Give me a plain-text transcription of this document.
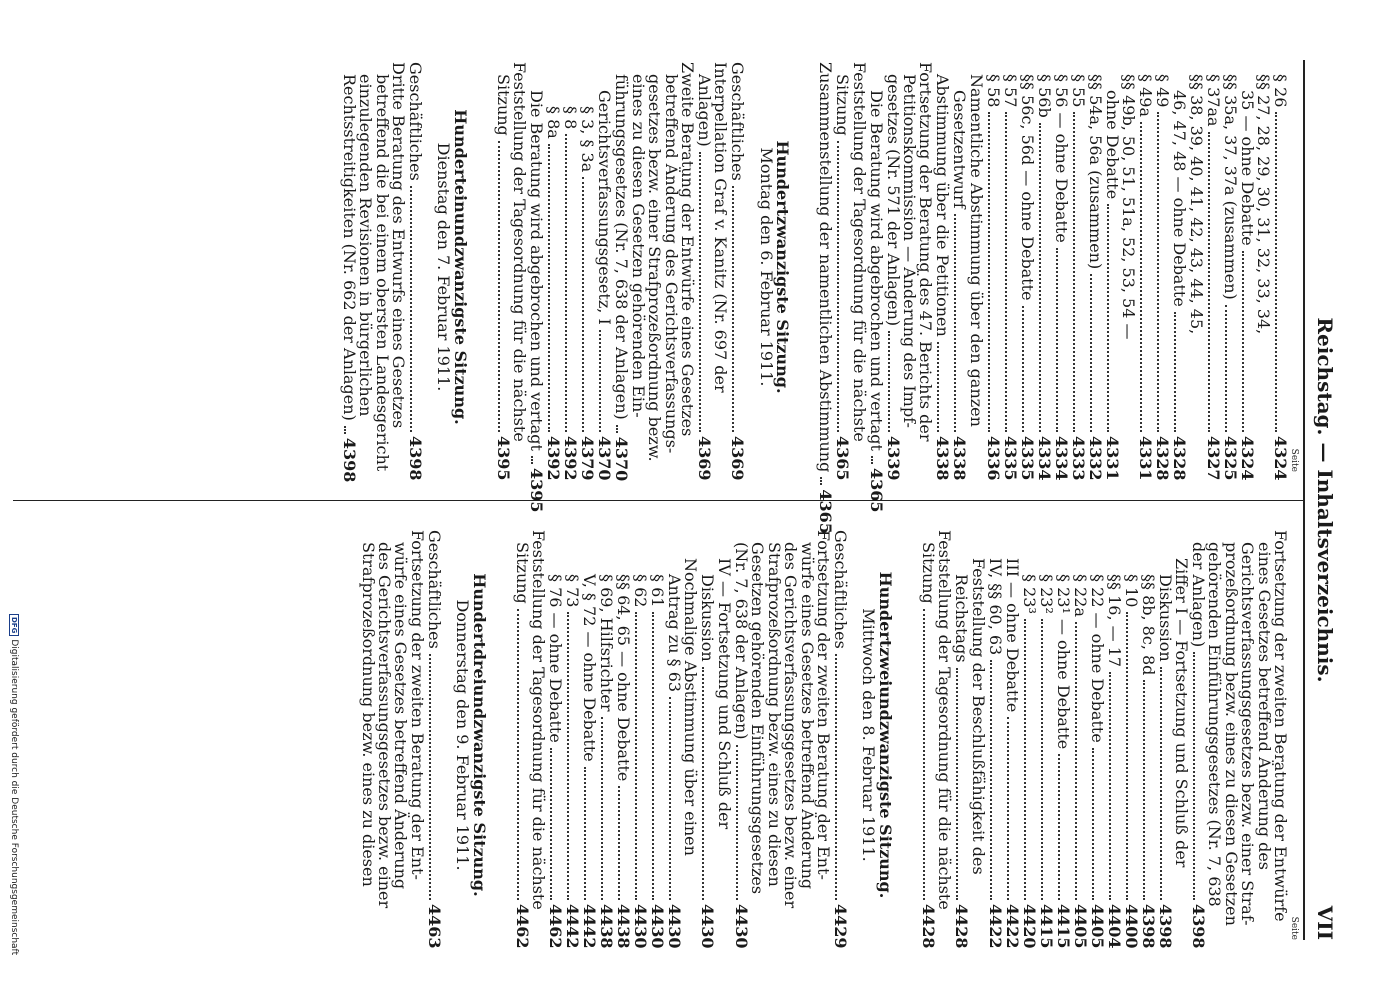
Reichstag. — Inhaltsverzeichnis.
VII
Seite
§ 26
4324
§§ 27, 28, 29, 30, 31, 32, 33, 34,
35 — ohne Debatte
4324
§§ 35a, 37, 37a (zusammen)
4325
§ 37aa
4327
§§ 38, 39, 40, 41, 42, 43, 44, 45,
46, 47, 48 — ohne Debatte
4328
§ 49
4328
§ 49a
4331
§§ 49b, 50, 51, 51a, 52, 53, 54 —
ohne Debatte
4331
§§ 54a, 56a (zusammen)
4332
§ 55
4333
§ 56 — ohne Debatte
4334
§ 56b
4334
§§ 56c, 56d — ohne Debatte
4335
§ 57
4335
§ 58
4336
Namentliche Abstimmung über den ganzen
Gesetzentwurf
4338
Abstimmung über die Petitionen
4338
Fortsetzung der Beratung des 47. Berichts der
Petitionskommission — Änderung des Impf-
gesetzes (Nr. 571 der Anlagen)
4339
Die Beratung wird abgebrochen und vertagt
4365
Feststellung der Tagesordnung für die nächste
Sitzung
4365
Zusammenstellung der namentlichen Abstimmung
4365
Hundertzwanzigste Sitzung.
Montag den 6. Februar 1911.
Geschäftliches
4369
Interpellation Graf v. Kanitz (Nr. 697 der
Anlagen)
4369
Zweite Beratung der Entwürfe eines Gesetzes
betreffend Änderung des Gerichtsverfassungs-
gesetzes bezw. einer Strafprozeßordnung bezw.
eines zu diesen Gesetzen gehörenden Ein-
führungsgesetzes (Nr. 7, 638 der Anlagen)
4370
Gerichtsverfassungsgesetz, I
4370
§ 3, § 3a
4379
§ 8
4392
§ 8a
4392
Die Beratung wird abgebrochen und vertagt
4395
Feststellung der Tagesordnung für die nächste
Sitzung
4395
Hunderteinundzwanzigste Sitzung.
Dienstag den 7. Februar 1911.
Geschäftliches
4398
Dritte Beratung des Entwurfs eines Gesetzes
betreffend die bei einem obersten Landesgericht
einzulegenden Revisionen in bürgerlichen
Rechtsstreitigkeiten (Nr. 662 der Anlagen)
4398
Seite
Fortsetzung der zweiten Beratung der Entwürfe
eines Gesetzes betreffend Änderung des
Gerichtsverfassungsgesetzes bezw. einer Straf-
prozeßordnung bezw. eines zu diesen Gesetzen
gehörenden Einführungsgesetzes (Nr. 7, 638
der Anlagen)
4398
Ziffer I — Fortsetzung und Schluß der
Diskussion
4398
§§ 8b, 8c, 8d
4398
§ 10
4400
§§ 16, — 17
4404
§ 22 — ohne Debatte
4405
§ 22a
4405
§ 23¹ — ohne Debatte
4415
§ 23²
4415
§ 23³
4420
III — ohne Debatte
4422
IV, §§ 60, 63
4422
Feststellung der Beschlußfähigkeit des
Reichstags
4428
Feststellung der Tagesordnung für die nächste
Sitzung
4428
Hundertzweiundzwanzigste Sitzung.
Mittwoch den 8. Februar 1911.
Geschäftliches
4429
Fortsetzung der zweiten Beratung der Ent-
würfe eines Gesetzes betreffend Änderung
des Gerichtsverfassungsgesetzes bezw. einer
Strafprozeßordnung bezw. eines zu diesen
Gesetzen gehörenden Einführungsgesetzes
(Nr. 7, 638 der Anlagen)
4430
IV — Fortsetzung und Schluß der
Diskussion
4430
Nochmalige Abstimmung über einen
Antrag zu § 63
4430
§ 61
4430
§ 62
4430
§§ 64, 65 — ohne Debatte
4438
§ 69, Hilfsrichter
4438
V, § 72 — ohne Debatte
4442
§ 73
4442
§ 76 — ohne Debatte
4462
Feststellung der Tagesordnung für die nächste
Sitzung
4462
Hundertdreiundzwanzigste Sitzung.
Donnerstag den 9. Februar 1911.
Geschäftliches
4463
Fortsetzung der zweiten Beratung der Ent-
würfe eines Gesetzes betreffend Änderung
des Gerichtsverfassungsgesetzes bezw. einer
Strafprozeßordnung bezw. eines zu diesen
DFG
Digitalisierung gefördert durch die Deutsche Forschungsgemeinschaft
